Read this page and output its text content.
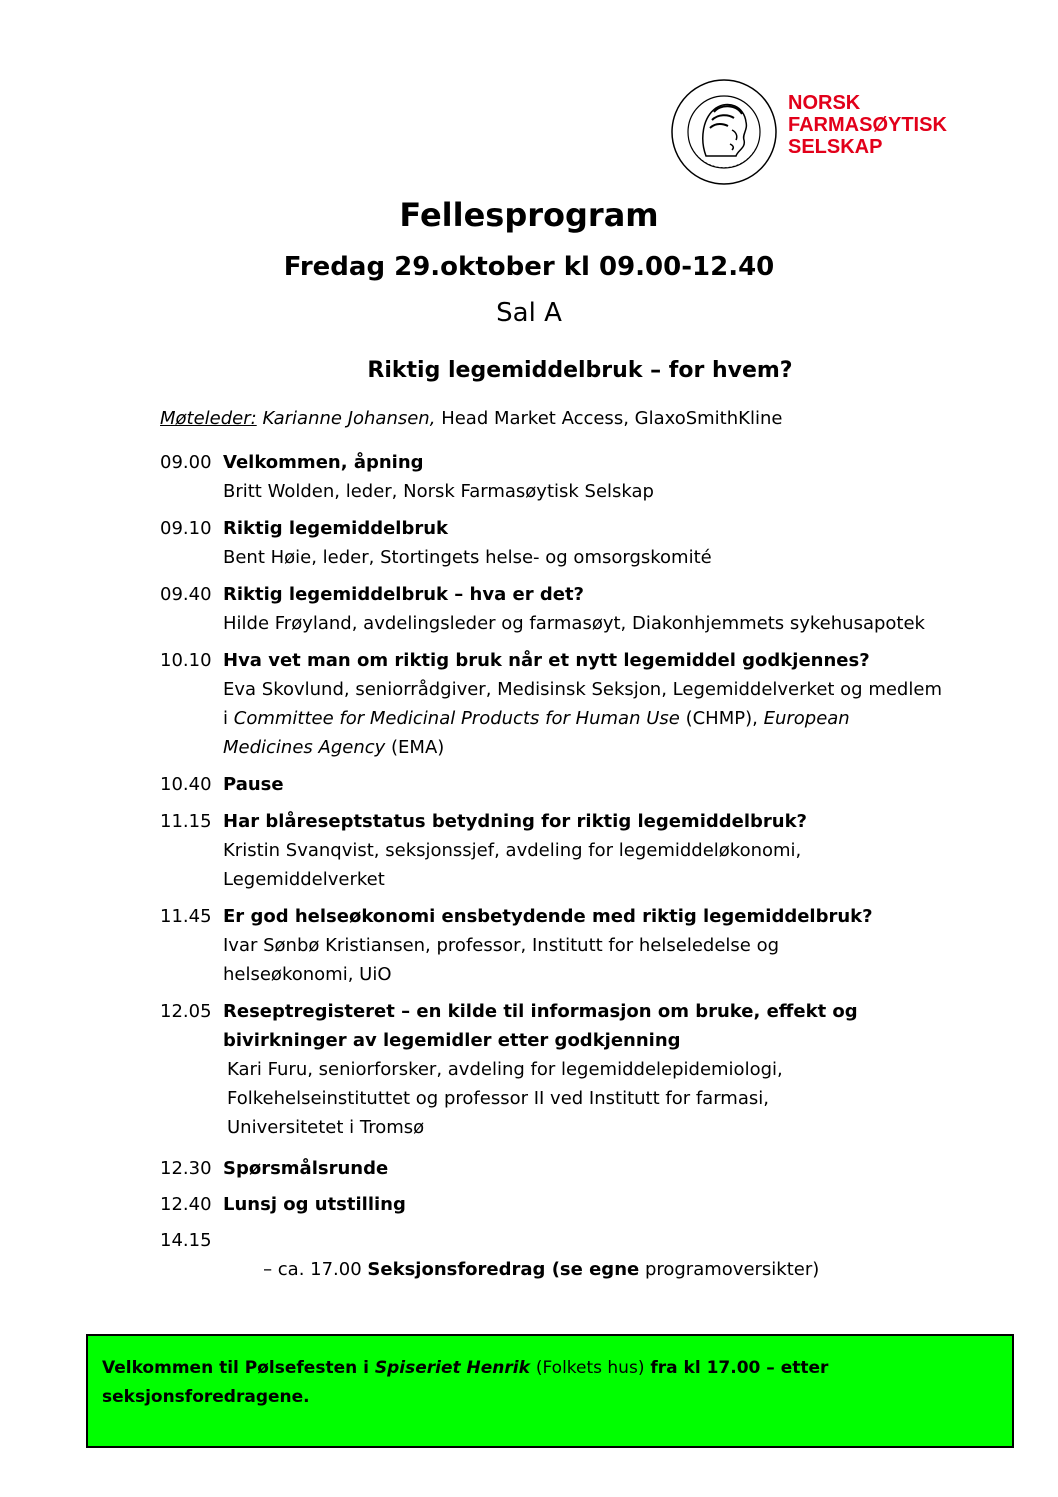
NORSK
FARMASØYTISK
SELSKAP
Fellesprogram
Fredag 29.oktober kl 09.00-12.40
Sal A
Riktig legemiddelbruk – for hvem?
Møteleder: Karianne Johansen, Head Market Access, GlaxoSmithKline
09.00 Velkommen, åpning
Britt Wolden, leder, Norsk Farmasøytisk Selskap
09.10 Riktig legemiddelbruk
Bent Høie, leder, Stortingets helse- og omsorgskomité
09.40 Riktig legemiddelbruk – hva er det?
Hilde Frøyland, avdelingsleder og farmasøyt, Diakonhjemmets sykehusapotek
10.10 Hva vet man om riktig bruk når et nytt legemiddel godkjennes?
Eva Skovlund, seniorrådgiver, Medisinsk Seksjon, Legemiddelverket og medlem i Committee for Medicinal Products for Human Use (CHMP), European Medicines Agency (EMA)
10.40 Pause
11.15 Har blåreseptstatus betydning for riktig legemiddelbruk?
Kristin Svanqvist, seksjonssjef, avdeling for legemiddeløkonomi, Legemiddelverket
11.45 Er god helseøkonomi ensbetydende med riktig legemiddelbruk?
Ivar Sønbø Kristiansen, professor, Institutt for helseledelse og helseøkonomi, UiO
12.05 Reseptregisteret – en kilde til informasjon om bruke, effekt og bivirkninger av legemidler etter godkjenning
Kari Furu, seniorforsker, avdeling for legemiddelepidemiologi, Folkehelseinstituttet og professor II ved Institutt for farmasi, Universitetet i Tromsø
12.30 Spørsmålsrunde
12.40 Lunsj og utstilling
14.15

– ca. 17.00 Seksjonsforedrag (se egne programoversikter)

Velkommen til Pølsefesten i Spiseriet Henrik (Folkets hus) fra kl 17.00 – etter seksjonsforedragene.
